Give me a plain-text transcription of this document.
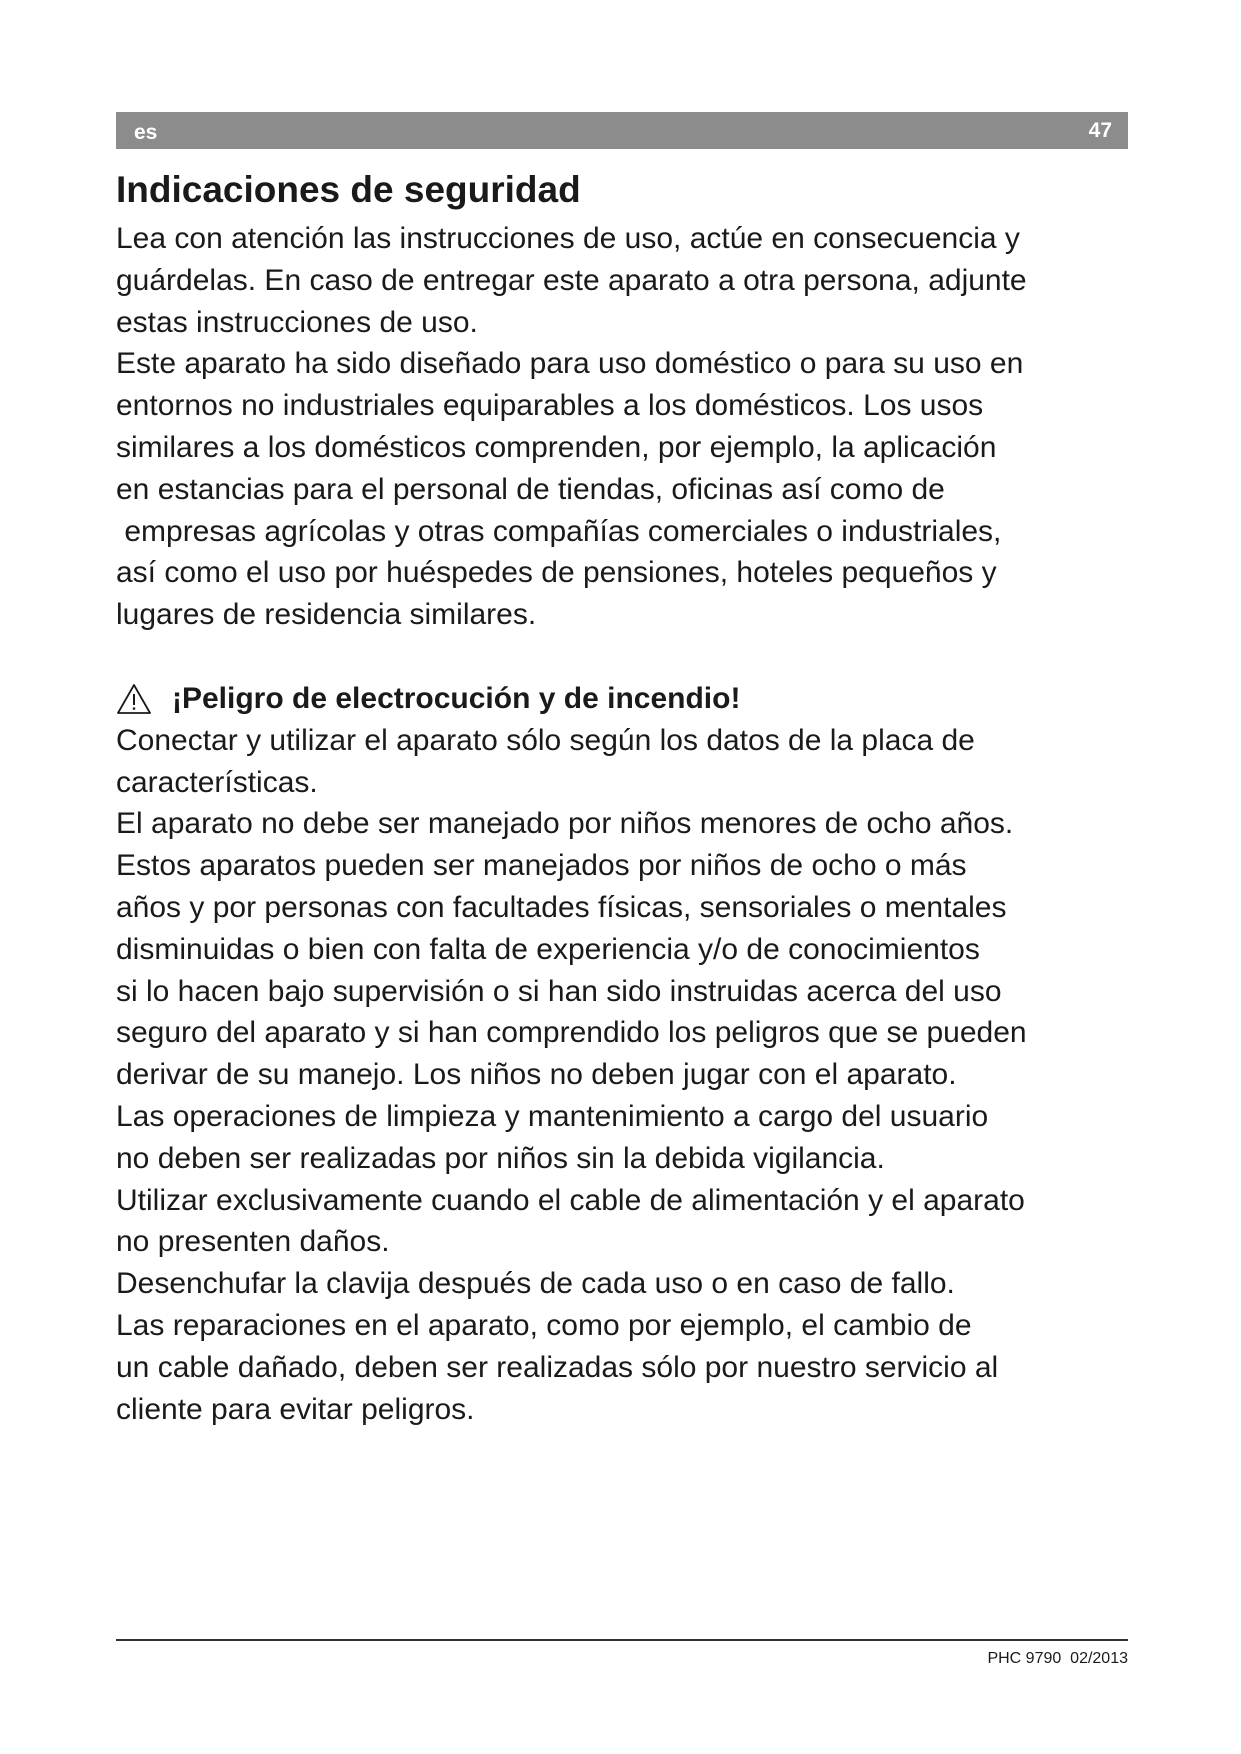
es	47
Indicaciones de seguridad
Lea con atención las instrucciones de uso, actúe en consecuencia y
guárdelas. En caso de entregar este aparato a otra persona, adjunte
estas instrucciones de uso.
Este aparato ha sido diseñado para uso doméstico o para su uso en
entornos no industriales equiparables a los domésticos. Los usos
similares a los domésticos comprenden, por ejemplo, la aplicación
en estancias para el personal de tiendas, oficinas así como de
empresas agrícolas y otras compañías comerciales o industriales,
así como el uso por huéspedes de pensiones, hoteles pequeños y
lugares de residencia similares.
¡Peligro de electrocución y de incendio!
Conectar y utilizar el aparato sólo según los datos de la placa de
características.
El aparato no debe ser manejado por niños menores de ocho años.
Estos aparatos pueden ser manejados por niños de ocho o más
años y por personas con facultades físicas, sensoriales o mentales
disminuidas o bien con falta de experiencia y/o de conocimientos
si lo hacen bajo supervisión o si han sido instruidas acerca del uso
seguro del aparato y si han comprendido los peligros que se pueden
derivar de su manejo. Los niños no deben jugar con el aparato.
Las operaciones de limpieza y mantenimiento a cargo del usuario
no deben ser realizadas por niños sin la debida vigilancia.
Utilizar exclusivamente cuando el cable de alimentación y el aparato
no presenten daños.
Desenchufar la clavija después de cada uso o en caso de fallo.
Las reparaciones en el aparato, como por ejemplo, el cambio de
un cable dañado, deben ser realizadas sólo por nuestro servicio al
cliente para evitar peligros.
PHC 9790  02/2013
